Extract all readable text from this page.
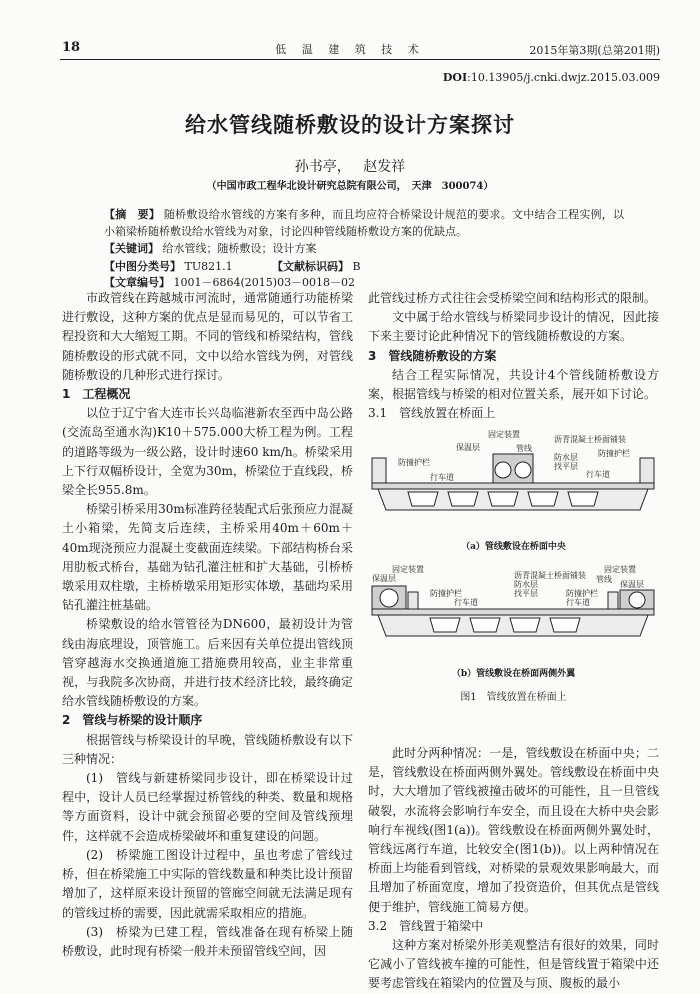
18	低 温 建 筑 技 术	2015年第3期(总第201期)
DOI:10.13905/j.cnki.dwjz.2015.03.009
给水管线随桥敷设的设计方案探讨
孙书亭， 赵发祥
（中国市政工程华北设计研究总院有限公司，　天津　300074）
【摘　要】 随桥敷设给水管线的方案有多种，而且均应符合桥梁设计规范的要求。文中结合工程实例，以小箱梁桥随桥敷设给水管线为对象，讨论四种管线随桥敷设方案的优缺点。
【关键词】 给水管线；随桥敷设；设计方案
【中图分类号】 TU821.1	【文献标识码】 B【文章编号】 1001－6864(2015)03－0018－02

市政管线在跨越城市河流时，通常随通行功能桥梁进行敷设，这种方案的优点是显而易见的，可以节省工程投资和大大缩短工期。不同的管线和桥梁结构，管线随桥敷设的形式就不同，文中以给水管线为例，对管线随桥敷设的几种形式进行探讨。

1　工程概况

以位于辽宁省大连市长兴岛临港新农至西中岛公路(交流岛至通水沟)K10＋575.000大桥工程为例。工程的道路等级为一级公路，设计时速60 km/h。桥梁采用上下行双幅桥设计，全宽为30m，桥梁位于直线段，桥梁全长955.8m。

桥梁引桥采用30m标准跨径装配式后张预应力混凝土小箱梁，先简支后连续，主桥采用40m＋60m＋40m现浇预应力混凝土变截面连续梁。下部结构桥台采用肋板式桥台，基础为钻孔灌注桩和扩大基础，引桥桥墩采用双柱墩，主桥桥墩采用矩形实体墩，基础均采用钻孔灌注桩基础。

桥梁敷设的给水管管径为DN600，最初设计为管线由海底埋设，顶管施工。后来因有关单位提出管线顶管穿越海水交换通道施工措施费用较高，业主非常重视，与我院多次协商，并进行技术经济比较，最终确定给水管线随桥敷设的方案。

2　管线与桥梁的设计顺序

根据管线与桥梁设计的早晚，管线随桥敷设有以下三种情况：

(1)　管线与新建桥梁同步设计，即在桥梁设计过程中，设计人员已经掌握过桥管线的种类、数量和规格等方面资料，设计中就会预留必要的空间及管线预埋件，这样就不会造成桥梁破坏和重复建设的问题。

(2)　桥梁施工图设计过程中，虽也考虑了管线过桥，但在桥梁施工中实际的管线数量和种类比设计预留增加了，这样原来设计预留的管廊空间就无法满足现有的管线过桥的需要，因此就需采取相应的措施。

(3)　桥梁为已建工程，管线准备在现有桥梁上随桥敷设，此时现有桥梁一般并未预留管线空间，因

此管线过桥方式往往会受桥梁空间和结构形式的限制。

文中属于给水管线与桥梁同步设计的情况，因此接下来主要讨论此种情况下的管线随桥敷设的方案。

3　管线随桥敷设的方案

结合工程实际情况，共设计4个管线随桥敷设方案，根据管线与桥梁的相对位置关系，展开如下讨论。

3.1　管线放置在桥面上
固定装置
保温层
沥青混凝土桥面铺装
管线
防水层
找平层
防撞护栏
防撞护栏
行车道	行车道
（a）管线敷设在桥面中央
固定装置
保温层
固定装置
保温层
沥青混凝土桥面铺装 管线
防水层
找平层
防撞护栏	防撞护栏
行车道	行车道
（b）管线敷设在桥面两侧外翼
图1　管线放置在桥面上

此时分两种情况：一是，管线敷设在桥面中央；二是，管线敷设在桥面两侧外翼处。管线敷设在桥面中央时，大大增加了管线被撞击破坏的可能性，且一旦管线破裂，水流将会影响行车安全，而且设在大桥中央会影响行车视线(图1(a))。管线敷设在桥面两侧外翼处时，管线远离行车道，比较安全(图1(b))。以上两种情况在桥面上均能看到管线，对桥梁的景观效果影响最大，而且增加了桥面宽度，增加了投资造价，但其优点是管线便于维护，管线施工简易方便。

3.2　管线置于箱梁中

这种方案对桥梁外形美观整洁有很好的效果，同时它减小了管线被车撞的可能性，但是管线置于箱梁中还要考虑管线在箱梁内的位置及与顶、腹板的最小
